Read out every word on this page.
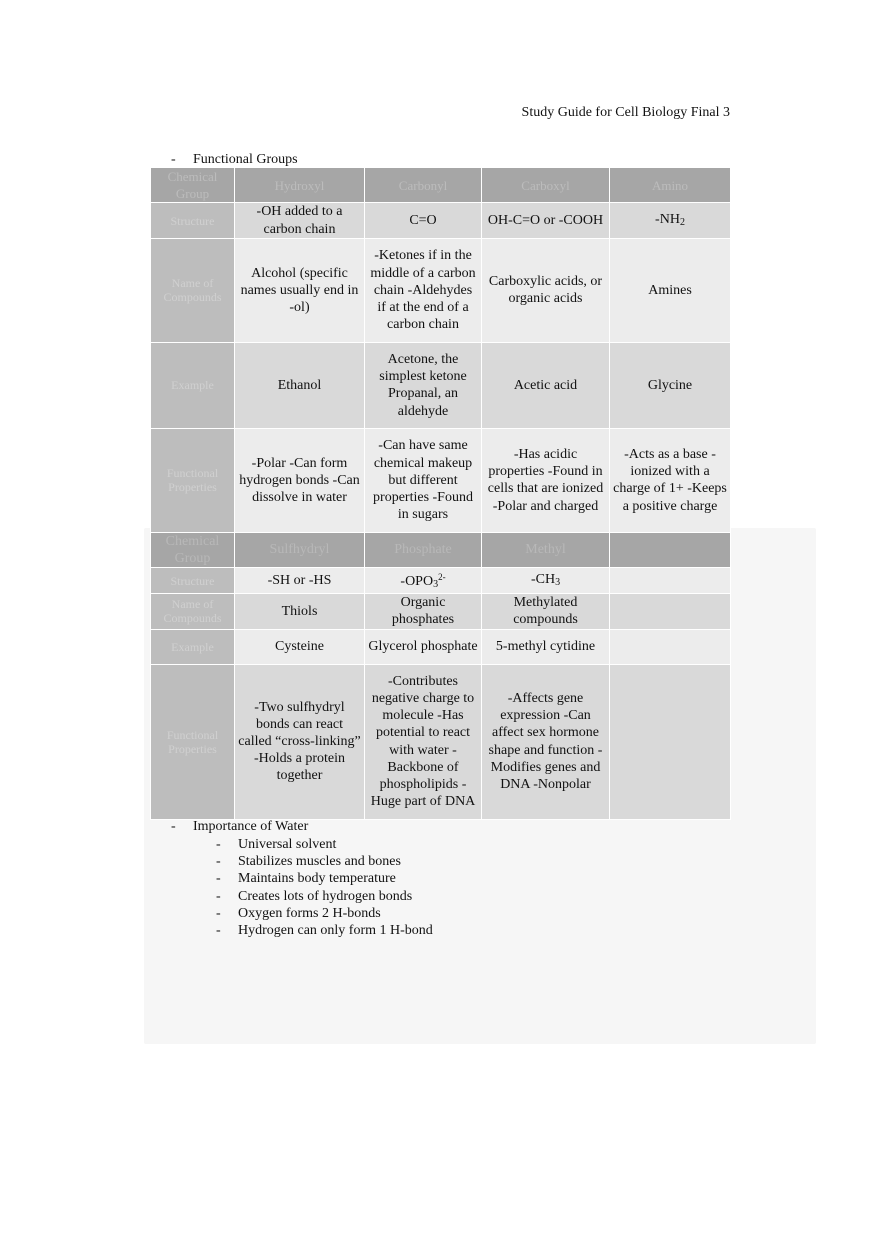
Study Guide for Cell Biology Final 3
- Functional Groups
Chemical Group	Hydroxyl	Carbonyl	Carboxyl	Amino
Structure	-OH added to a carbon chain	C=O	OH-C=O or -COOH	$-NH_2$
Name of Compounds	Alcohol (specific names usually end in -ol)	-Ketones if in the middle of a carbon chain -Aldehydes if at the end of a carbon chain	Carboxylic acids, or organic acids	Amines
Example	Ethanol	Acetone, the simplest ketone Propanal, an aldehyde	Acetic acid	Glycine
Functional Properties	-Polar -Can form hydrogen bonds -Can dissolve in water	-Can have same chemical makeup but different properties -Found in sugars	-Has acidic properties -Found in cells that are ionized -Polar and charged	-Acts as a base -ionized with a charge of 1+ -Keeps a positive charge
Chemical Group	Sulfhydryl	Phosphate	Methyl	
Structure	-SH or -HS	$-OPO_3^{2-}$	$-CH_3$	
Name of Compounds	Thiols	Organic phosphates	Methylated compounds	
Example	Cysteine	Glycerol phosphate	5-methyl cytidine	
Functional Properties	-Two sulfhydryl bonds can react called “cross-linking” -Holds a protein together	-Contributes negative charge to molecule -Has potential to react with water -Backbone of phospholipids -Huge part of DNA	-Affects gene expression -Can affect sex hormone shape and function -Modifies genes and DNA -Nonpolar	
- Importance of Water
- Universal solvent
- Stabilizes muscles and bones
- Maintains body temperature
- Creates lots of hydrogen bonds
- Oxygen forms 2 H-bonds
- Hydrogen can only form 1 H-bond
